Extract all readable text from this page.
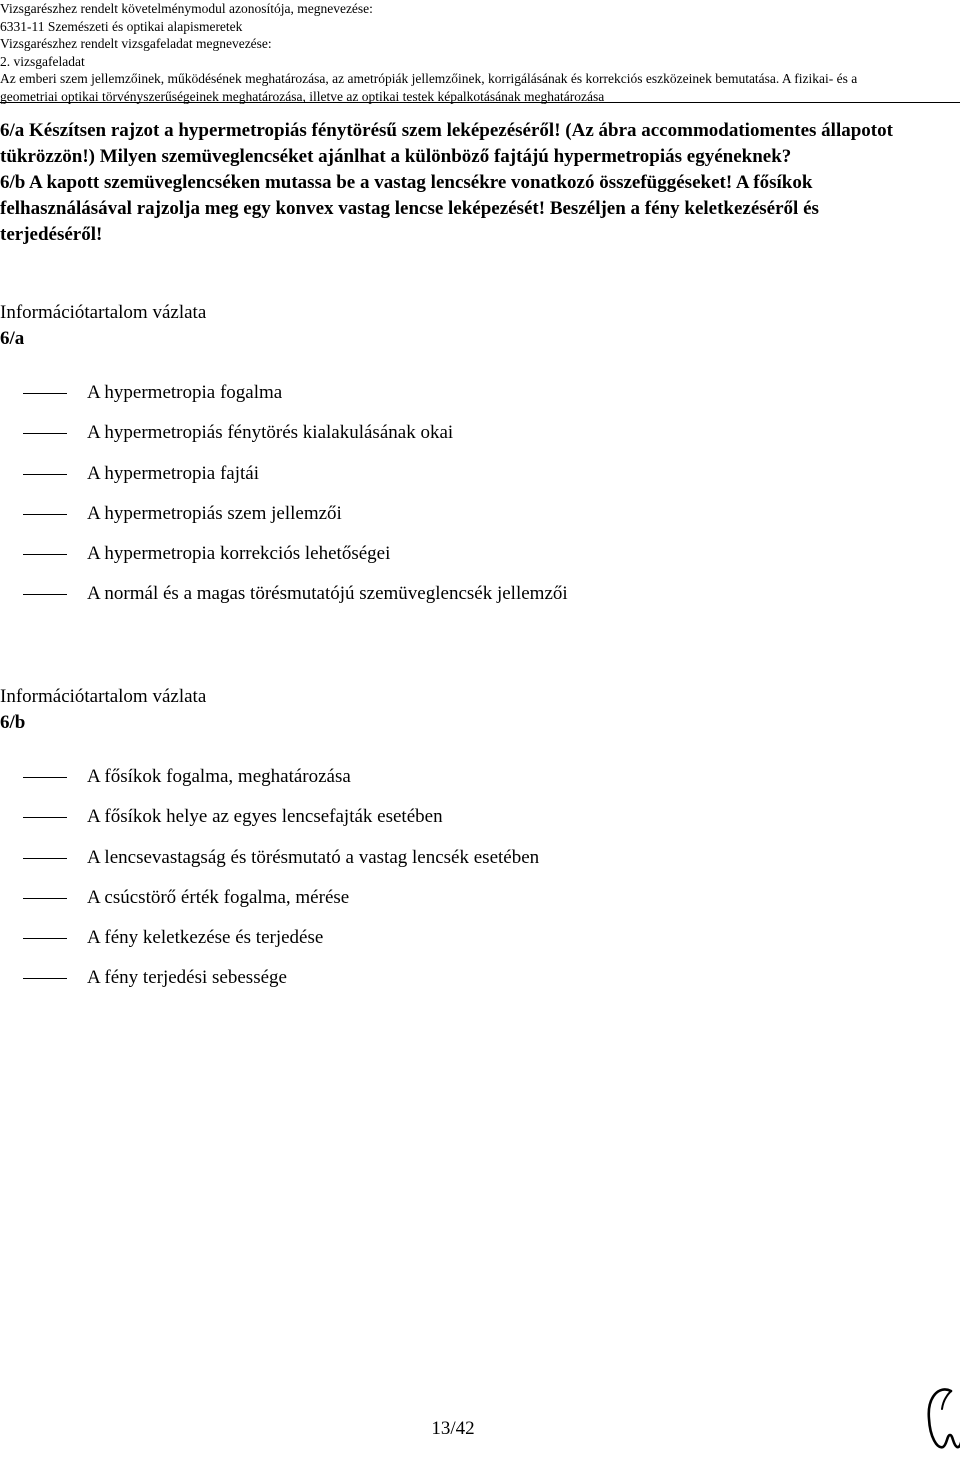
Vizsgarészhez rendelt követelménymodul azonosítója, megnevezése:
6331-11 Szemészeti és optikai alapismeretek
Vizsgarészhez rendelt vizsgafeladat megnevezése:
2. vizsgafeladat
Az emberi szem jellemzőinek, működésének meghatározása, az ametrópiák jellemzőinek, korrigálásának és korrekciós eszközeinek bemutatása. A fizikai- és a geometriai optikai törvényszerűségeinek meghatározása, illetve az optikai testek képalkotásának meghatározása

6/a Készítsen rajzot a hypermetropiás fénytörésű szem leképezéséről! (Az ábra accommodatiomentes állapotot tükrözzön!) Milyen szemüveglencséket ajánlhat a különböző fajtájú hypermetropiás egyéneknek?

6/b A kapott szemüveglencséken mutassa be a vastag lencsékre vonatkozó összefüggéseket! A fősíkok felhasználásával rajzolja meg egy konvex vastag lencse leképezését! Beszéljen a fény keletkezéséről és terjedéséről!

Információtartalom vázlata
6/a
A hypermetropia fogalma
A hypermetropiás fénytörés kialakulásának okai
A hypermetropia fajtái
A hypermetropiás szem jellemzői
A hypermetropia korrekciós lehetőségei
A normál és a magas törésmutatójú szemüveglencsék jellemzői
Információtartalom vázlata
6/b
A fősíkok fogalma, meghatározása
A fősíkok helye az egyes lencsefajták esetében
A lencsevastagság és törésmutató a vastag lencsék esetében
A csúcstörő érték fogalma, mérése
A fény keletkezése és terjedése
A fény terjedési sebessége
13/42
